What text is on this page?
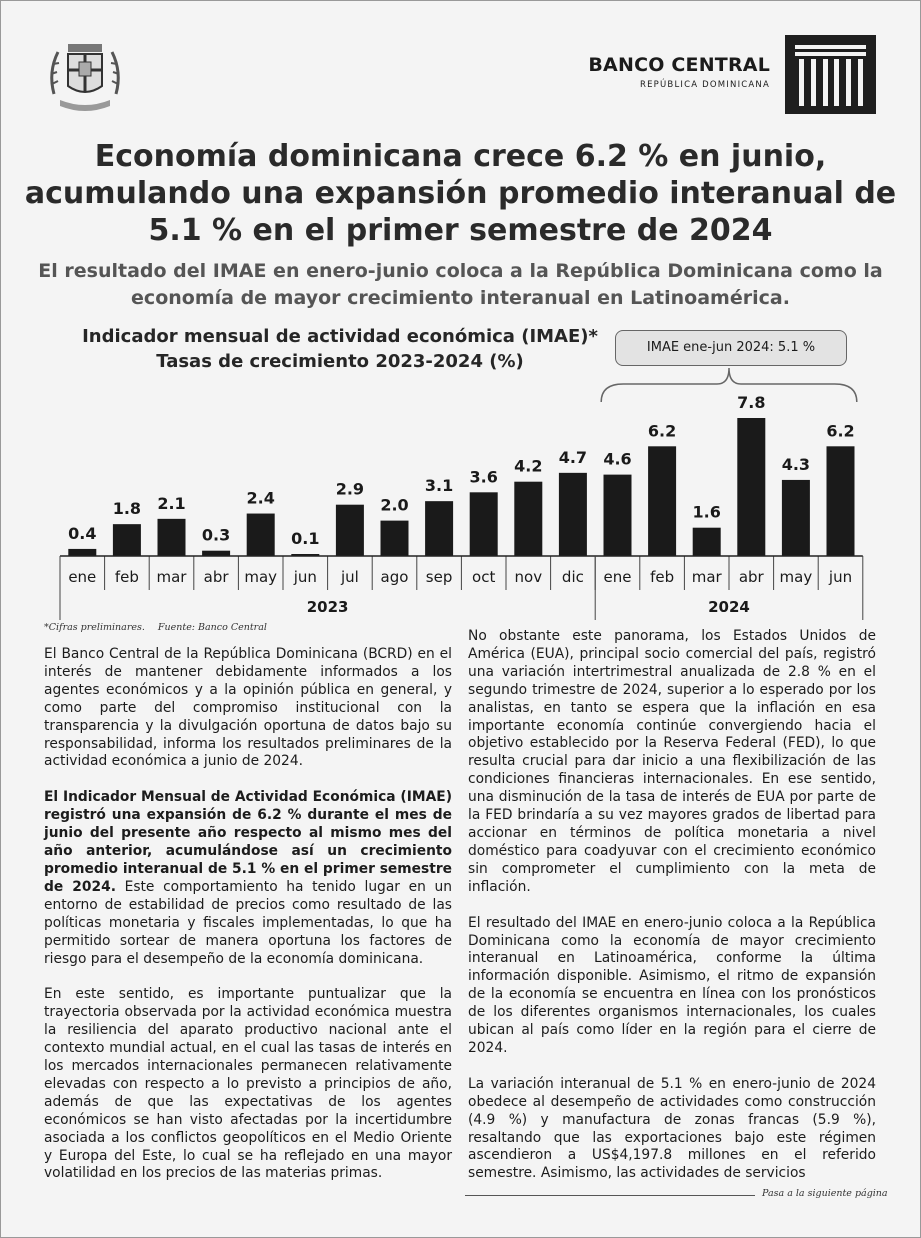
BANCO CENTRAL
REPÚBLICA DOMINICANA
Economía dominicana crece 6.2 % en junio, acumulando una expansión promedio interanual de 5.1 % en el primer semestre de 2024
El resultado del IMAE en enero-junio coloca a la República Dominicana como la economía de mayor crecimiento interanual en Latinoamérica.
Indicador mensual de actividad económica (IMAE)*
Tasas de crecimiento 2023-2024 (%)
IMAE ene-jun 2024: 5.1 %
0.4
ene
1.8
feb
2.1
mar
0.3
abr
2.4
may
0.1
jun
2.9
jul
2.0
ago
3.1
sep
3.6
oct
4.2
nov
4.7
dic
4.6
ene
6.2
feb
1.6
mar
7.8
abr
4.3
may
6.2
jun
2023	2024
*Cifras preliminares. Fuente: Banco Central

El Banco Central de la República Dominicana (BCRD) en el interés de mantener debidamente informados a los agentes económicos y a la opinión pública en general, y como parte del compromiso institucional con la transparencia y la divulgación oportuna de datos bajo su responsabilidad, informa los resultados preliminares de la actividad económica a junio de 2024.

El Indicador Mensual de Actividad Económica (IMAE) registró una expansión de 6.2 % durante el mes de junio del presente año respecto al mismo mes del año anterior, acumulándose así un crecimiento promedio interanual de 5.1 % en el primer semestre de 2024. Este comportamiento ha tenido lugar en un entorno de estabilidad de precios como resultado de las políticas monetaria y fiscales implementadas, lo que ha permitido sortear de manera oportuna los factores de riesgo para el desempeño de la economía dominicana.

En este sentido, es importante puntualizar que la trayectoria observada por la actividad económica muestra la resiliencia del aparato productivo nacional ante el contexto mundial actual, en el cual las tasas de interés en los mercados internacionales permanecen relativamente elevadas con respecto a lo previsto a principios de año, además de que las expectativas de los agentes económicos se han visto afectadas por la incertidumbre asociada a los conflictos geopolíticos en el Medio Oriente y Europa del Este, lo cual se ha reflejado en una mayor volatilidad en los precios de las materias primas.

No obstante este panorama, los Estados Unidos de América (EUA), principal socio comercial del país, registró una variación intertrimestral anualizada de 2.8 % en el segundo trimestre de 2024, superior a lo esperado por los analistas, en tanto se espera que la inflación en esa importante economía continúe convergiendo hacia el objetivo establecido por la Reserva Federal (FED), lo que resulta crucial para dar inicio a una flexibilización de las condiciones financieras internacionales. En ese sentido, una disminución de la tasa de interés de EUA por parte de la FED brindaría a su vez mayores grados de libertad para accionar en términos de política monetaria a nivel doméstico para coadyuvar con el crecimiento económico sin comprometer el cumplimiento con la meta de inflación.

El resultado del IMAE en enero-junio coloca a la República Dominicana como la economía de mayor crecimiento interanual en Latinoamérica, conforme la última información disponible. Asimismo, el ritmo de expansión de la economía se encuentra en línea con los pronósticos de los diferentes organismos internacionales, los cuales ubican al país como líder en la región para el cierre de 2024.

La variación interanual de 5.1 % en enero-junio de 2024 obedece al desempeño de actividades como construcción (4.9 %) y manufactura de zonas francas (5.9 %), resaltando que las exportaciones bajo este régimen ascendieron a US$4,197.8 millones en el referido semestre. Asimismo, las actividades de servicios

Pasa a la siguiente página
